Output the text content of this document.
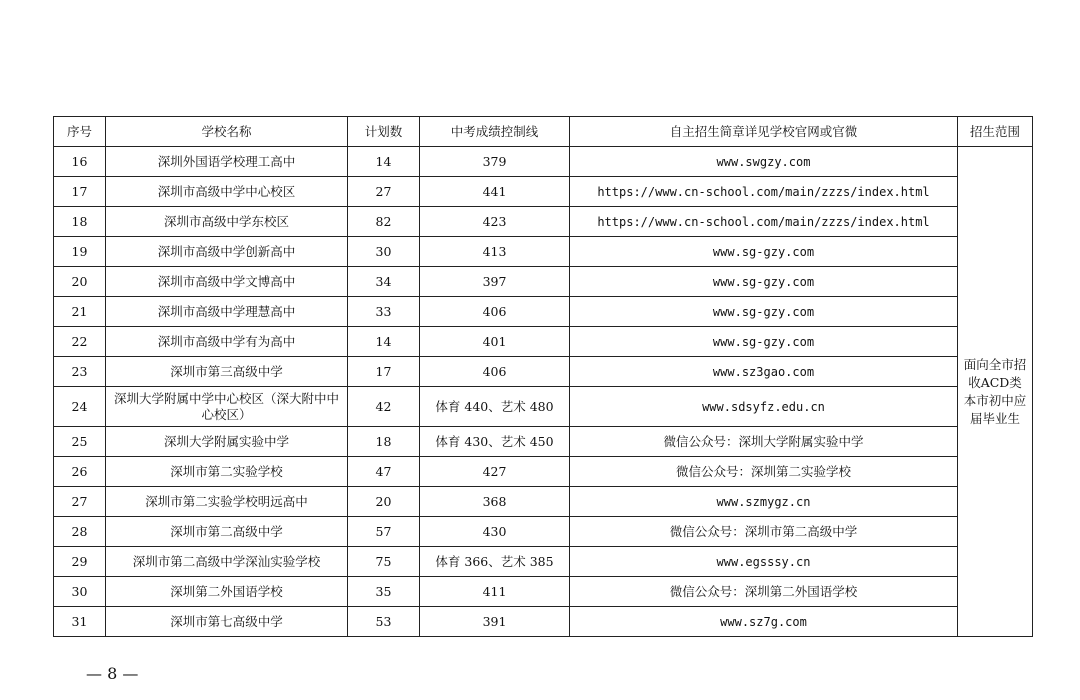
序号	学校名称	计划数	中考成绩控制线	自主招生简章详见学校官网或官微	招生范围
16	深圳外国语学校理工高中	14	379	www.swgzy.com	面向全市招收ACD类本市初中应届毕业生
17	深圳市高级中学中心校区	27	441	https://www.cn-school.com/main/zzzs/index.html	
18	深圳市高级中学东校区	82	423	https://www.cn-school.com/main/zzzs/index.html	
19	深圳市高级中学创新高中	30	413	www.sg-gzy.com	
20	深圳市高级中学文博高中	34	397	www.sg-gzy.com	
21	深圳市高级中学理慧高中	33	406	www.sg-gzy.com	
22	深圳市高级中学有为高中	14	401	www.sg-gzy.com	
23	深圳市第三高级中学	17	406	www.sz3gao.com	
24	深圳大学附属中学中心校区（深大附中中心校区）	42	体育 440、艺术 480	www.sdsyfz.edu.cn	
25	深圳大学附属实验中学	18	体育 430、艺术 450	微信公众号：深圳大学附属实验中学	
26	深圳市第二实验学校	47	427	微信公众号：深圳第二实验学校	
27	深圳市第二实验学校明远高中	20	368	www.szmygz.cn	
28	深圳市第二高级中学	57	430	微信公众号：深圳市第二高级中学	
29	深圳市第二高级中学深汕实验学校	75	体育 366、艺术 385	www.egsssy.cn	
30	深圳第二外国语学校	35	411	微信公众号：深圳第二外国语学校	
31	深圳市第七高级中学	53	391	www.sz7g.com	
— 8 —
